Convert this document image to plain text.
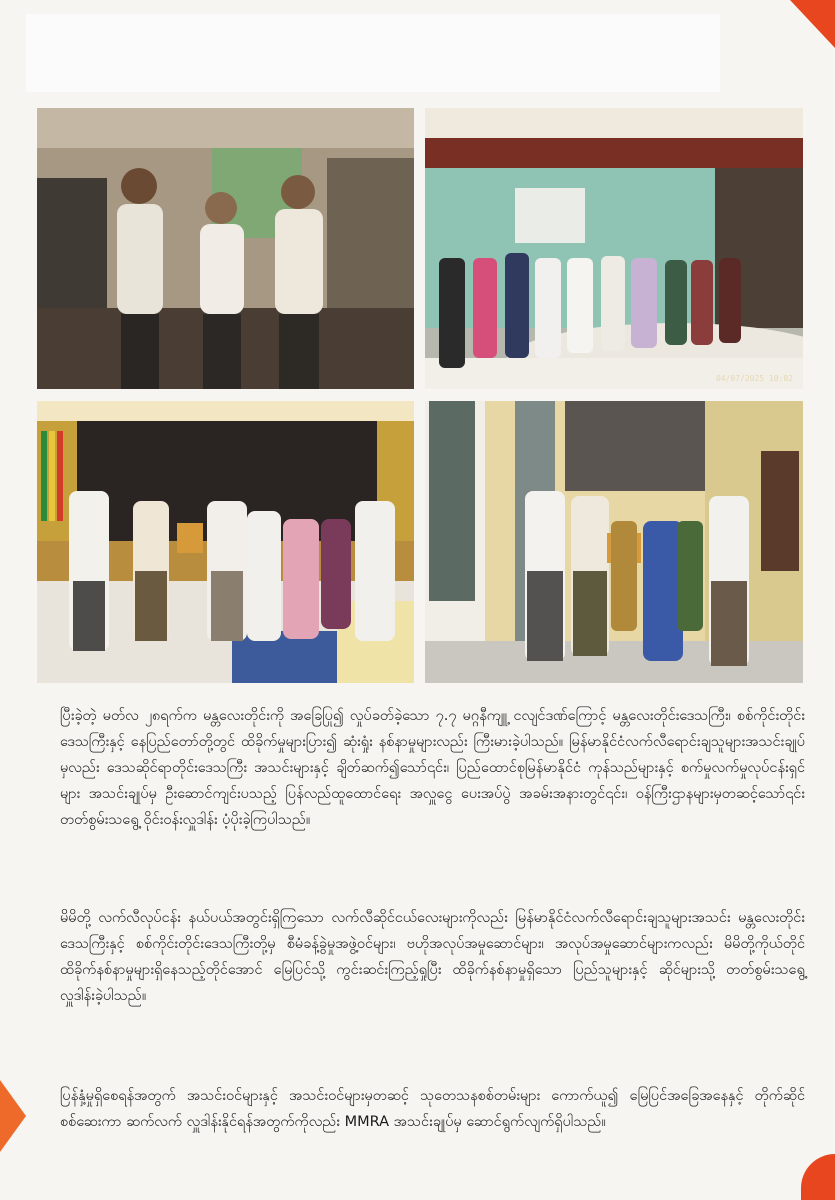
04/07/2025 10:02
ပြီးခဲ့တဲ့ မတ်လ ၂၈ရက်က မန္တလေးတိုင်းကို အခြေပြု၍ လှုပ်ခတ်ခဲ့သော ၇.၇ မဂ္ဂနီကျူ့ ငလျင်ဒဏ်ကြောင့် မန္တလေးတိုင်းဒေသကြီး၊ စစ်ကိုင်းတိုင်းဒေသကြီးနှင့် နေပြည်တော်တို့တွင် ထိခိုက်မှုများပြား၍ ဆုံးရှုံး နစ်နာမှုများလည်း ကြီးမားခဲ့ပါသည်။ မြန်မာနိုင်ငံလက်လီရောင်းချသူများအသင်းချုပ်မှလည်း ဒေသဆိုင်ရာတိုင်းဒေသကြီး အသင်းများနှင့် ချိတ်ဆက်၍သော်၎င်း၊ ပြည်ထောင်စုမြန်မာနိုင်ငံ ကုန်သည်များနှင့် စက်မှုလက်မှုလုပ်ငန်းရှင်များ အသင်းချုပ်မှ ဦးဆောင်ကျင်းပသည့် ပြန်လည်ထူထောင်ရေး အလှူငွေ ပေးအပ်ပွဲ အခမ်းအနားတွင်၎င်း၊ ဝန်ကြီးဌာနများမှတဆင့်သော်၎င်း တတ်စွမ်းသရွေ့ ဝိုင်းဝန်းလှူဒါန်း ပံ့ပိုးခဲ့ကြပါသည်။
မိမိတို့ လက်လီလုပ်ငန်း နယ်ပယ်အတွင်းရှိကြသော လက်လီဆိုင်ငယ်လေးများကိုလည်း မြန်မာနိုင်ငံလက်လီရောင်းချသူများအသင်း မန္တလေးတိုင်းဒေသကြီးနှင့် စစ်ကိုင်းတိုင်းဒေသကြီးတို့မှ စီမံခန့်ခွဲမှုအဖွဲ့ဝင်များ၊ ဗဟိုအလုပ်အမှုဆောင်များ၊ အလုပ်အမှုဆောင်များကလည်း မိမိတို့ကိုယ်တိုင် ထိခိုက်နစ်နာမှုများရှိနေသည့်တိုင်အောင် မြေပြင်သို့ ကွင်းဆင်းကြည့်ရှုပြီး ထိခိုက်နစ်နာမှုရှိသော ပြည်သူများနှင့် ဆိုင်များသို့ တတ်စွမ်းသရွေ့ လှူဒါန်းခဲ့ပါသည်။
ပြန်နှံ့မှုရှိစေရန်အတွက် အသင်းဝင်များနှင့် အသင်းဝင်များမှတဆင့် သုတေသနစစ်တမ်းများ ကောက်ယူ၍ မြေပြင်အခြေအနေနှင့် တိုက်ဆိုင်စစ်ဆေးကာ ဆက်လက် လှူဒါန်းနိုင်ရန်အတွက်ကိုလည်း MMRA အသင်းချုပ်မှ ဆောင်ရွက်လျက်ရှိပါသည်။
